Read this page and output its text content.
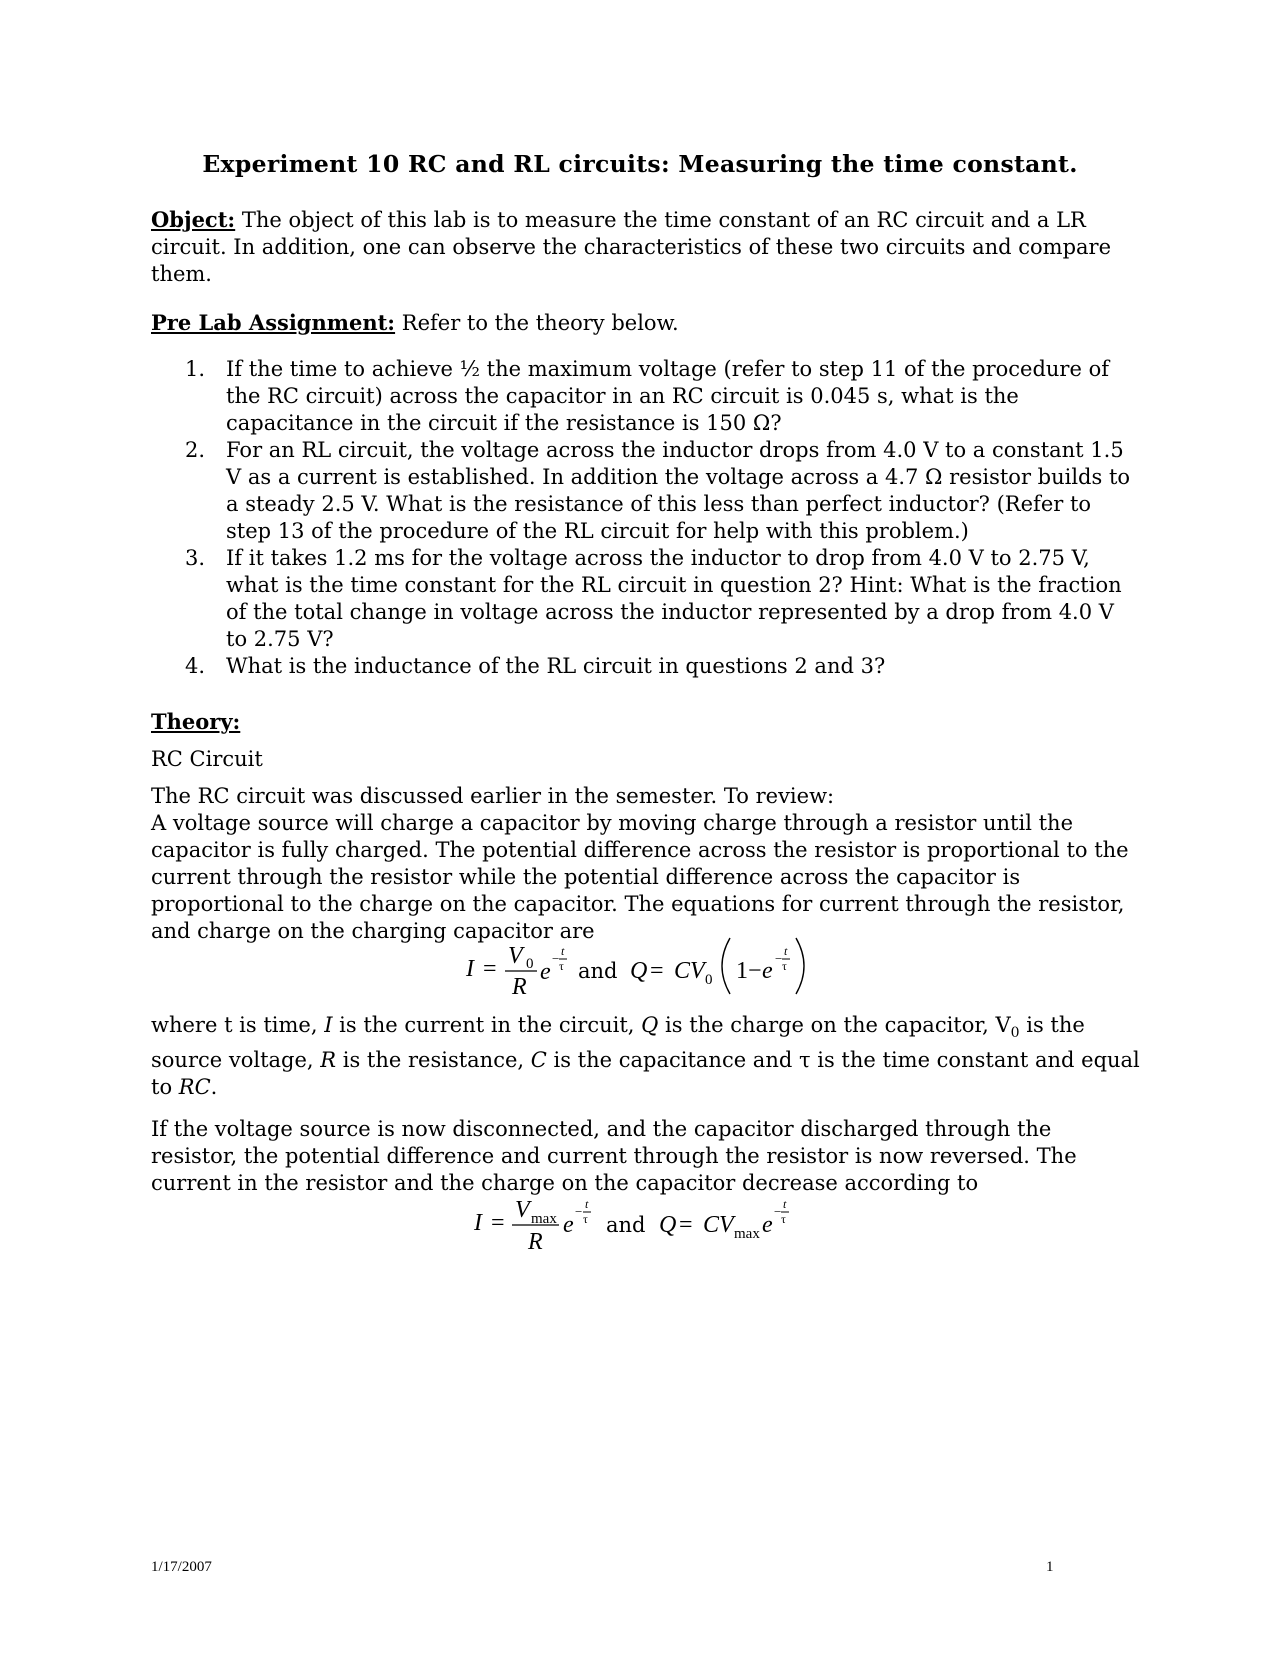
Experiment 10 RC and RL circuits: Measuring the time constant.
Object: The object of this lab is to measure the time constant of an RC circuit and a LR circuit. In addition, one can observe the characteristics of these two circuits and compare them.
Pre Lab Assignment: Refer to the theory below.
1. If the time to achieve ½ the maximum voltage (refer to step 11 of the procedure of the RC circuit) across the capacitor in an RC circuit is 0.045 s, what is the capacitance in the circuit if the resistance is 150 Ω?
2. For an RL circuit, the voltage across the inductor drops from 4.0 V to a constant 1.5 V as a current is established. In addition the voltage across a 4.7 Ω resistor builds to a steady 2.5 V. What is the resistance of this less than perfect inductor? (Refer to step 13 of the procedure of the RL circuit for help with this problem.)
3. If it takes 1.2 ms for the voltage across the inductor to drop from 4.0 V to 2.75 V, what is the time constant for the RL circuit in question 2? Hint: What is the fraction of the total change in voltage across the inductor represented by a drop from 4.0 V to 2.75 V?
4. What is the inductance of the RL circuit in questions 2 and 3?
Theory:
RC Circuit
The RC circuit was discussed earlier in the semester. To review:
A voltage source will charge a capacitor by moving charge through a resistor until the capacitor is fully charged. The potential difference across the resistor is proportional to the current through the resistor while the potential difference across the capacitor is proportional to the charge on the capacitor. The equations for current through the resistor, and charge on the charging capacitor are
I = V 0
R
e
− t
τ and Q = CV 0 1− e − t
τ
where t is time, I is the current in the circuit, Q is the charge on the capacitor, $V_0$ is the source voltage, R is the resistance, C is the capacitance and τ is the time constant and equal to RC.
If the voltage source is now disconnected, and the capacitor discharged through the resistor, the potential difference and current through the resistor is now reversed. The current in the resistor and the charge on the capacitor decrease according to
I = V max
R
e
− t
τ and Q = CV max e
− t
τ
1/17/2007	1
